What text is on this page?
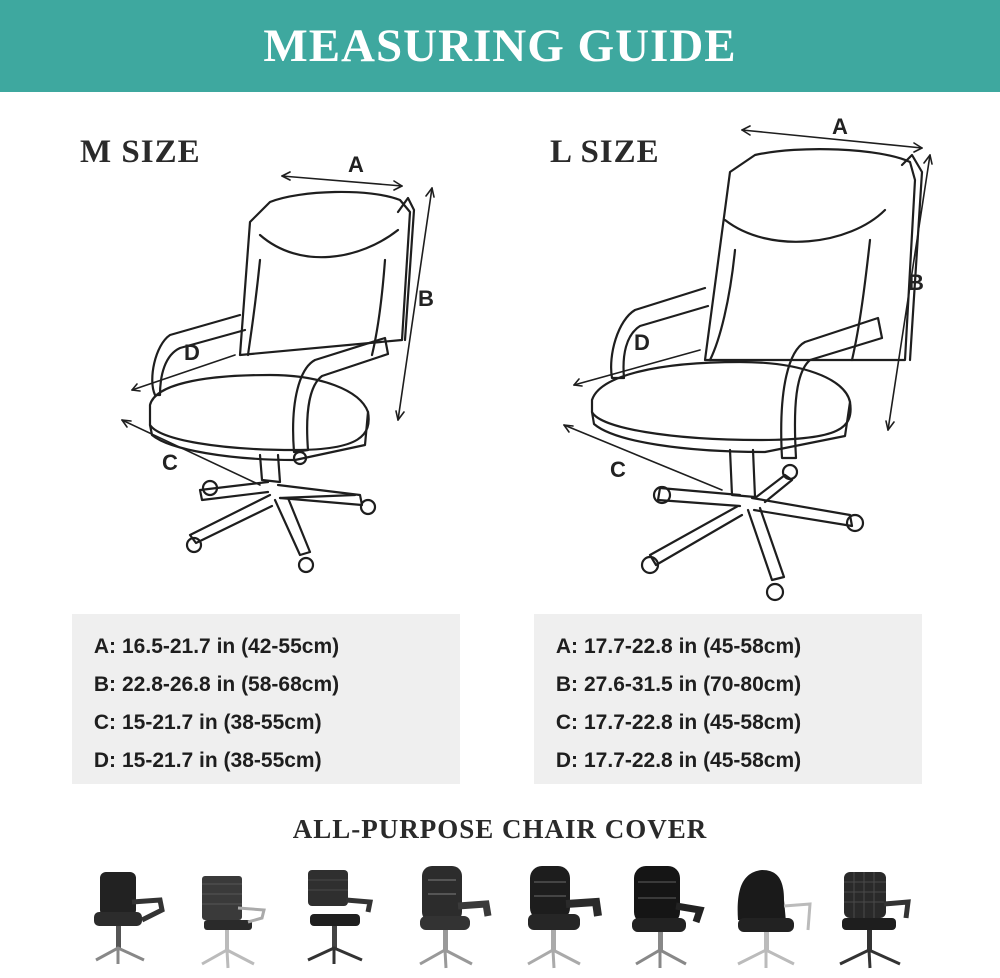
MEASURING GUIDE
M SIZE	A
B
C
D
A: 16.5-21.7 in (42-55cm)
B: 22.8-26.8 in (58-68cm)
C: 15-21.7 in (38-55cm)
D: 15-21.7 in (38-55cm)
L SIZE
A
B
C
D
A: 17.7-22.8 in (45-58cm)
B: 27.6-31.5 in (70-80cm)
C: 17.7-22.8 in (45-58cm)
D: 17.7-22.8 in (45-58cm)
ALL-PURPOSE CHAIR COVER
